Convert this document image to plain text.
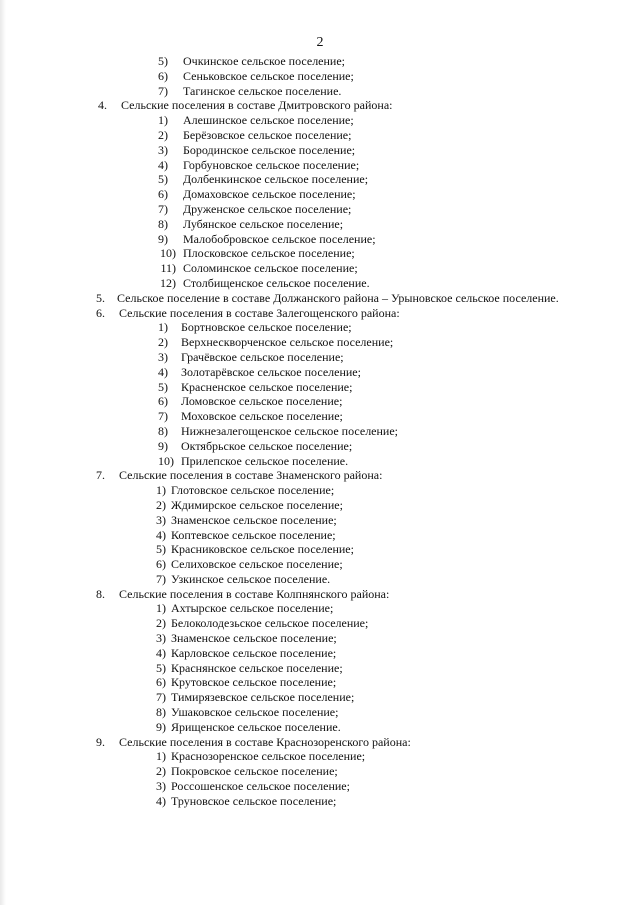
2
5) Очкинское сельское поселение;
6) Сеньковское сельское поселение;
7) Тагинское сельское поселение.
4. Сельские поселения в составе Дмитровского района:
1) Алешинское сельское поселение;
2) Берёзовское сельское поселение;
3) Бородинское сельское поселение;
4) Горбуновское сельское поселение;
5) Долбенкинское сельское поселение;
6) Домаховское сельское поселение;
7) Друженское сельское поселение;
8) Лубянское сельское поселение;
9) Малобобровское сельское поселение;
10) Плосковское сельское поселение;
11) Соломинское сельское поселение;
12) Столбищенское сельское поселение.
5. Сельское поселение в составе Должанского района – Урыновское сельское поселение.
6. Сельские поселения в составе Залегощенского района:
1) Бортновское сельское поселение;
2) Верхнескворченское сельское поселение;
3) Грачёвское сельское поселение;
4) Золотарёвское сельское поселение;
5) Красненское сельское поселение;
6) Ломовское сельское поселение;
7) Моховское сельское поселение;
8) Нижнезалегощенское сельское поселение;
9) Октябрьское сельское поселение;
10) Прилепское сельское поселение.
7. Сельские поселения в составе Знаменского района:
1) Глотовское сельское поселение;
2) Ждимирское сельское поселение;
3) Знаменское сельское поселение;
4) Коптевское сельское поселение;
5) Красниковское сельское поселение;
6) Селиховское сельское поселение;
7) Узкинское сельское поселение.
8. Сельские поселения в составе Колпнянского района:
1) Ахтырское сельское поселение;
2) Белоколодезьское сельское поселение;
3) Знаменское сельское поселение;
4) Карловское сельское поселение;
5) Краснянское сельское поселение;
6) Крутовское сельское поселение;
7) Тимирязевское сельское поселение;
8) Ушаковское сельское поселение;
9) Ярищенское сельское поселение.
9. Сельские поселения в составе Краснозоренского района:
1) Краснозоренское сельское поселение;
2) Покровское сельское поселение;
3) Россошенское сельское поселение;
4) Труновское сельское поселение;
